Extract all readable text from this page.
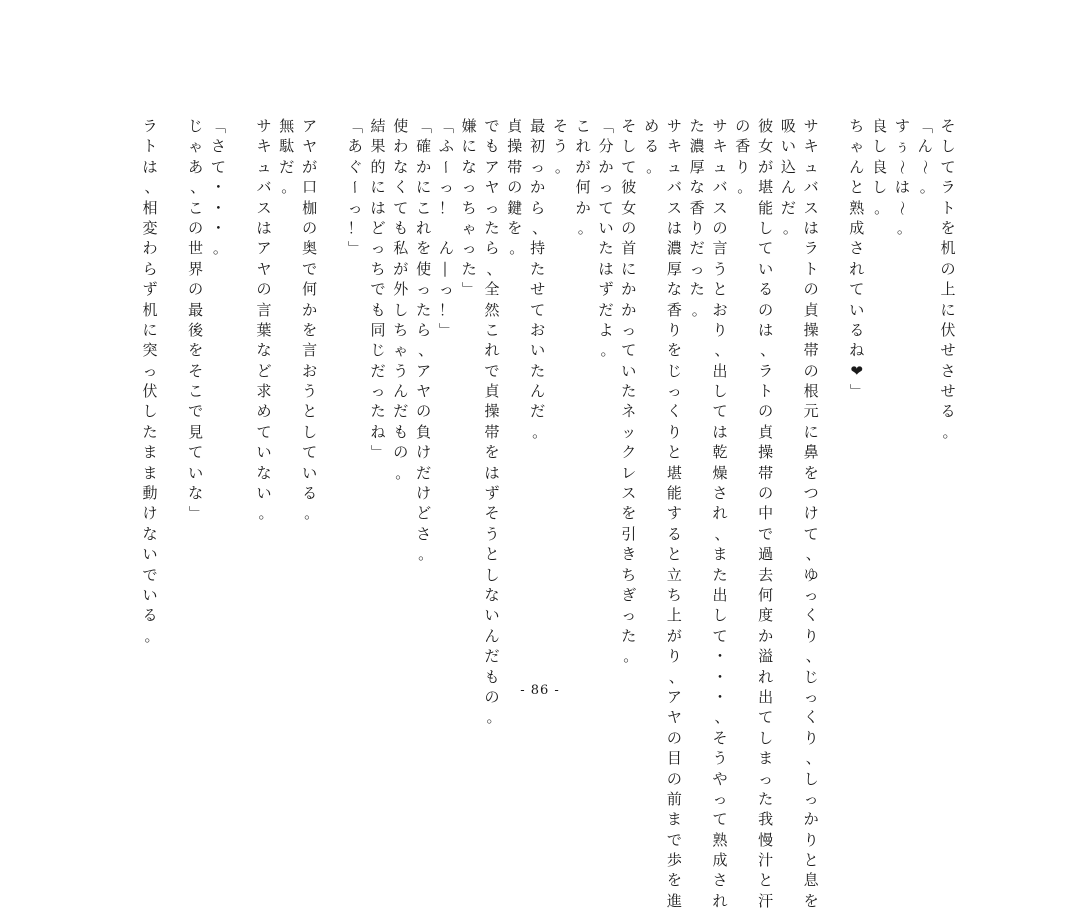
そ
し
て
ラ
ト
を
机
の
上
に
伏
せ
さ
せ
る
。
「
ん
〜
。
す
ぅ
〜
は
〜
。
良
し
良
し
。
ち
ゃ
ん
と
熟
成
さ
れ
て
い
る
ね
❤
」
サ
キ
ュ
バ
ス
は
ラ
ト
の
貞
操
帯
の
根
元
に
鼻
を
つ
け
て
、
ゆ
っ
く
り
、
じ
っ
く
り
、
し
っ
か
り
と
息
を
吸
い
込
ん
だ
。
彼
女
が
堪
能
し
て
い
る
の
は
、
ラ
ト
の
貞
操
帯
の
中
で
過
去
何
度
か
溢
れ
出
て
し
ま
っ
た
我
慢
汁
と
汗
の
香
り
。
サ
キ
ュ
バ
ス
の
言
う
と
お
り
、
出
し
て
は
乾
燥
さ
れ
、
ま
た
出
し
て
・
・
・
、
そ
う
や
っ
て
熟
成
さ
れ
た
濃
厚
な
香
り
だ
っ
た
。
サ
キ
ュ
バ
ス
は
濃
厚
な
香
り
を
じ
っ
く
り
と
堪
能
す
る
と
立
ち
上
が
り
、
ア
ヤ
の
目
の
前
ま
で
歩
を
進
め
る
。
そ
し
て
彼
女
の
首
に
か
か
っ
て
い
た
ネ
ッ
ク
レ
ス
を
引
き
ち
ぎ
っ
た
。
「
分
か
っ
て
い
た
は
ず
だ
よ
。
こ
れ
が
何
か
。
そ
う
。
最
初
っ
か
ら
、
持
た
せ
て
お
い
た
ん
だ
。
貞
操
帯
の
鍵
を
。
で
も
ア
ヤ
っ
た
ら
、
全
然
こ
れ
で
貞
操
帯
を
は
ず
そ
う
と
し
な
い
ん
だ
も
の
。
嫌
に
な
っ
ち
ゃ
っ
た
」
「
ふ
ー
っ
！

ん
―
っ
！
」
「
確
か
に
こ
れ
を
使
っ
た
ら
、
ア
ヤ
の
負
け
だ
け
ど
さ
。
使
わ
な
く
て
も
私
が
外
し
ち
ゃ
う
ん
だ
も
の
。
結
果
的
に
は
ど
っ
ち
で
も
同
じ
だ
っ
た
ね
」
「
あ
ぐ
ー
っ
！
」
ア
ヤ
が
口
枷
の
奥
で
何
か
を
言
お
う
と
し
て
い
る
。
無
駄
だ
。
サ
キ
ュ
バ
ス
は
ア
ヤ
の
言
葉
な
ど
求
め
て
い
な
い
。
「
さ
て
・
・
・
。
じ
ゃ
あ
、
こ
の
世
界
の
最
後
を
そ
こ
で
見
て
い
な
」
ラ
ト
は
、
相
変
わ
ら
ず
机
に
突
っ
伏
し
た
ま
ま
動
け
な
い
で
い
る
。
- 86 -
